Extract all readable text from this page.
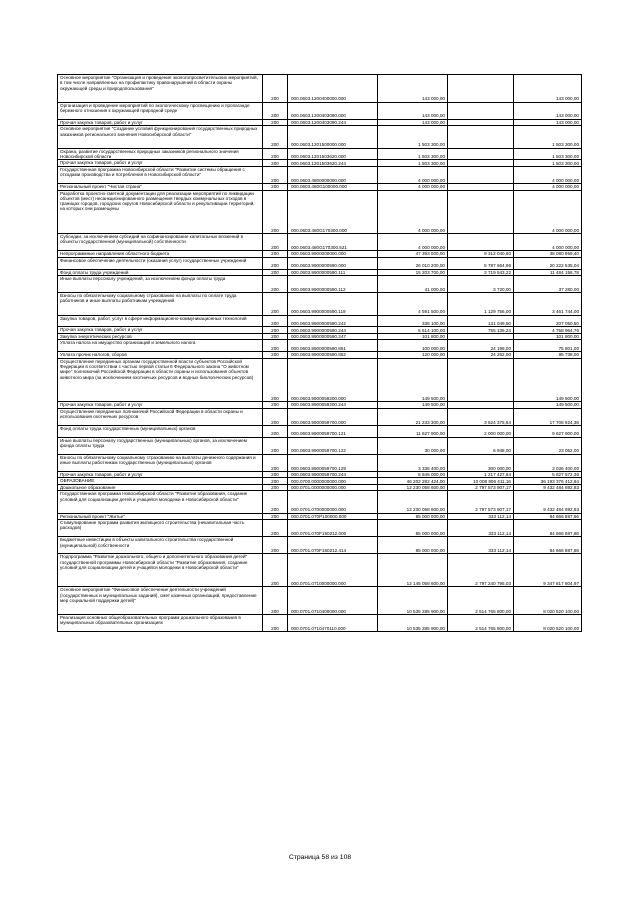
Основное мероприятие "Организация и проведение экологопросветительских мероприятий, в том числе направленных на профилактику правонарушений в области охраны окружающей среды и природопользования"	200	000.0603.1200400000.000	143 000,00		143 000,00
Организация и проведение мероприятий по экологическому просвещению и пропаганде бережного отношения к окружающей природной среде	200	000.0603.1200403090.000	143 000,00		143 000,00
Прочая закупка товаров, работ и услуг	200	000.0603.1200403090.244	143 000,00		143 000,00
Основное мероприятие "Создание условий функционирования государственных природных заказников регионального значения Новосибирской области"	200	000.0603.1201500000.000	1 503 300,00		1 503 300,00
Охрана, развитие государственных природных заказников регионального значения Новосибирской области	200	000.0603.1201503620.000	1 503 300,00		1 503 300,00
Прочая закупка товаров, работ и услуг	200	000.0603.1201503620.244	1 503 300,00		1 503 300,00
Государственная программа Новосибирской области "Развитие системы обращения с отходами производства и потребления в Новосибирской области"	200	000.0603.4800000000.000	4 000 000,00		4 000 000,00
Региональный проект "Чистая страна"	200	000.0603.480G100000.000	4 000 000,00		4 000 000,00
Разработка проектно-сметной документации для реализации мероприятий по ликвидации объектов (мест) несанкционированного размещения твердых коммунальных отходов в границах городов, городских округов Новосибирской области и рекультивации территорий, на которых они размещены	200	000.0603.480G170300.000	4 000 000,00		4 000 000,00
Субсидии, за исключением субсидий на софинансирование капитальных вложений в объекты государственной (муниципальной) собственности	200	000.0603.480G170300.521	4 000 000,00		4 000 000,00
Непрограммные направления областного бюджета	200	000.0603.9900000000.000	47 393 000,00	9 312 040,60	38 080 959,40
Финансовое обеспечение деятельности (оказания услуг) государственных учреждений	200	000.0603.9900000590.000	26 010 200,00	5 787 664,96	20 222 535,04
Фонд оплаты труда учреждений	200	000.0603.9900000590.111	15 203 700,00	3 719 543,22	11 484 156,78
Иные выплаты персоналу учреждений, за исключением фонда оплаты труда	200	000.0603.9900000590.112	41 000,00	3 720,00	37 280,00
Взносы по обязательному социальному страхованию на выплаты по оплате труда работников и иные выплаты работникам учреждений	200	000.0603.9900000590.119	4 591 500,00	1 129 756,00	3 461 744,00
Закупка товаров, работ, услуг в сфере информационно-коммуникационных технологий	200	000.0603.9900000590.242	338 100,00	131 049,50	207 050,50
Прочая закупка товаров, работ и услуг	200	000.0603.9900000590.244	5 514 100,00	755 135,24	4 758 964,76
Закупка энергетических ресурсов	200	000.0603.9900000590.247	101 800,00		101 800,00
Уплата налога на имущество организаций и земельного налога	200	000.0603.9900000590.851	100 000,00	24 199,00	75 801,00
Уплата прочих налогов, сборов	200	000.0603.9900000590.852	120 000,00	24 262,00	95 738,00
Осуществление переданных органам государственной власти субъектов Российской Федерации в соответствии с частью первой статьи 6 Федерального закона "О животном мире" полномочий Российской Федерации в области охраны и использования объектов животного мира (за исключением охотничьих ресурсов и водных биологических ресурсов)	200	000.0603.9900059200.000	149 500,00		149 500,00
Прочая закупка товаров, работ и услуг	200	000.0603.9900059200.244	149 500,00		149 500,00
Осуществление переданных полномочий Российской Федерации в области охраны и использования охотничьих ресурсов	200	000.0603.9900059700.000	21 233 300,00	3 524 375,64	17 708 924,36
Фонд оплаты труда государственных (муниципальных) органов	200	000.0603.9900059700.121	11 627 900,00	2 000 000,00	9 627 900,00
Иные выплаты персоналу государственных (муниципальных) органов, за исключением фонда оплаты труда	200	000.0603.9900059700.122	30 000,00	6 948,00	23 052,00
Взносы по обязательному социальному страхованию на выплаты денежного содержания и иные выплаты работникам государственных (муниципальных) органов	200	000.0603.9900059700.129	3 336 400,00	300 000,00	3 036 400,00
Прочая закупка товаров, работ и услуг	200	000.0603.9900059700.244	6 845 000,00	1 217 427,64	5 627 572,36
ОБРАЗОВАНИЕ	200	000.0700.0000000000.000	46 202 282 424,00	10 008 906 411,16	36 193 376 412,84
Дошкольное образование	200	000.0701.0000000000.000	12 230 058 600,00	2 797 573 907,17	9 432 484 692,83
Государственная программа Новосибирской области "Развитие образования, создание условий для социализации детей и учащейся молодежи в Новосибирской области"	200	000.0701.0700000000.000	12 230 058 600,00	2 797 573 907,17	9 432 484 692,83
Региональный проект "Житье"	200	000.0701.070P100000.000	85 000 000,00	333 112,14	84 666 887,86
Стимулирование программ развития жилищного строительства (некапитальная часть расходов)	200	000.0701.070F150212.000	85 000 000,00	333 112,14	84 666 887,86
Бюджетные инвестиции в объекты капитального строительства государственной (муниципальной) собственности	200	000.0701.070F150212.414	85 000 000,00	333 112,14	84 666 887,86
Подпрограмма "Развитие дошкольного, общего и дополнительного образования детей" государственной программы Новосибирской области "Развитие образования, создание условий для социализации детей и учащейся молодежи в Новосибирской области"	200	000.0701.0710000000.000	12 145 058 600,00	2 797 240 795,03	9 347 817 804,97
Основное мероприятие "Финансовое обеспечение деятельности учреждений (государственных и муниципальных заданий), смет казенных организаций, предоставление мер социальной поддержки детей)"	200	000.0701.0710400000.000	10 535 285 900,00	2 514 765 800,00	8 020 520 100,00
Реализация основных общеобразовательных программ дошкольного образования в муниципальных образовательных организациях	200	000.0701.0710470110.000	10 535 285 900,00	2 514 765 800,00	8 020 520 100,00
Страница 58 из 108
